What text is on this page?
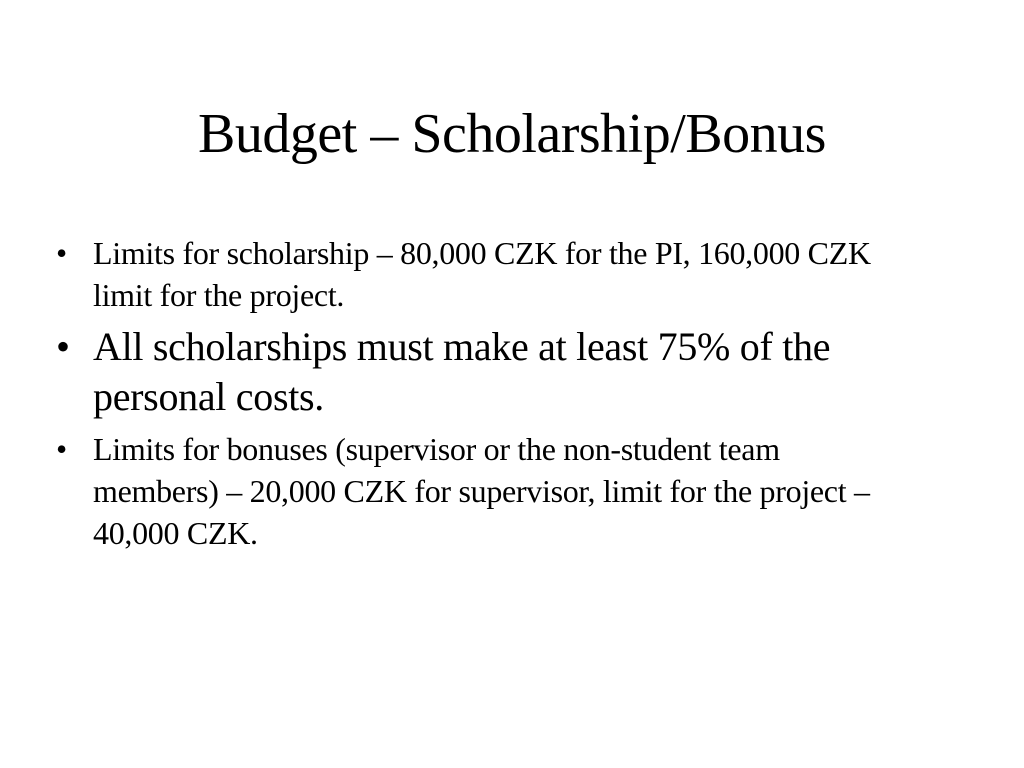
Budget – Scholarship/Bonus
• Limits for scholarship – 80,000 CZK for the PI, 160,000 CZK limit for the project.
• All scholarships must make at least 75% of the personal costs.
• Limits for bonuses (supervisor or the non-student team members) – 20,000 CZK for supervisor, limit for the project – 40,000 CZK.
